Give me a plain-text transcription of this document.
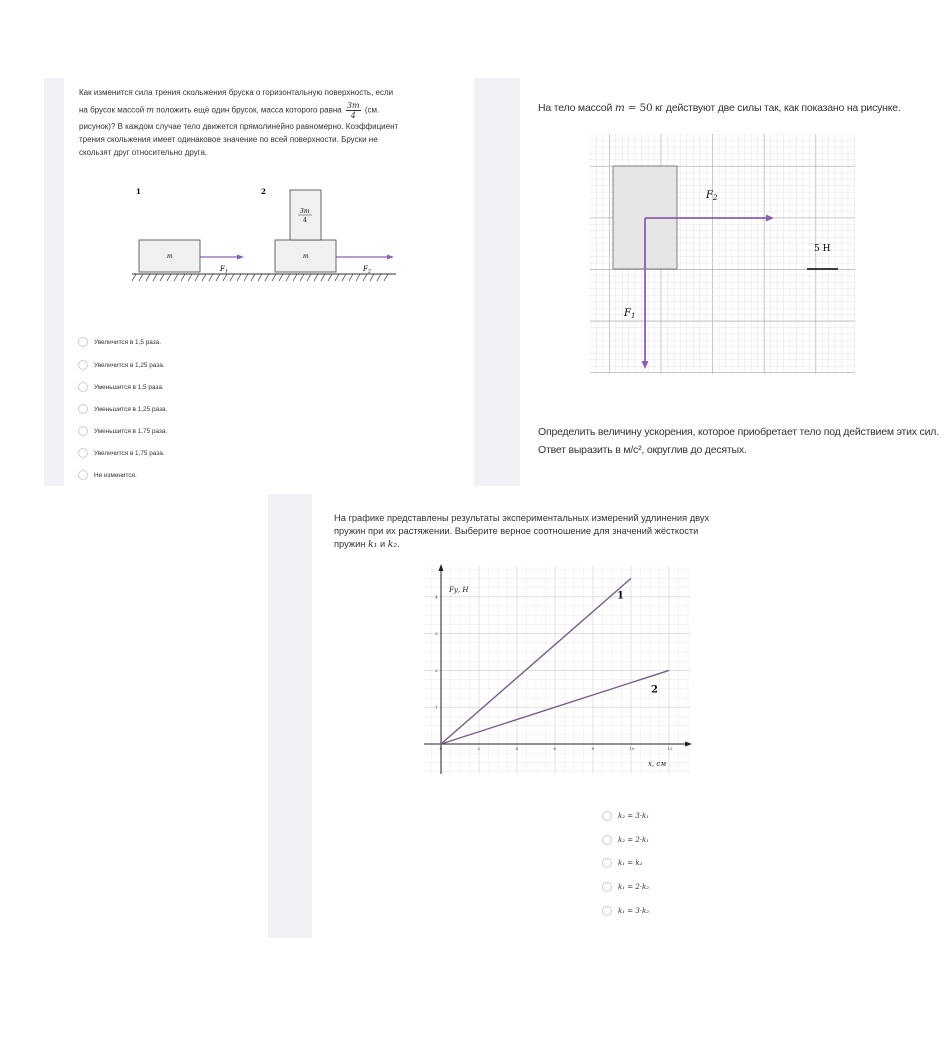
Как изменится сила трения скольжения бруска о горизонтальную поверхность, если
на брусок массой m положить ещё один брусок, масса которого равна $\frac{3m}{4} (см$.
рисунок)? В каждом случае тело движется прямолинейно равномерно. Коэффициент
трения скольжения имеет одинаковое значение по всей поверхности. Бруски не
скользят друг относительно друга.
1	2
m
$F_1$
m
3m
4
$F_2$
Увеличится в 1,5 раза.
Увеличится в 1,25 раза.
Уменьшится в 1,5 раза.
Уменьшится в 1,25 раза.
Уменьшится в 1,75 раза.
Увеличится в 1,75 раза.
Не изменится.
На тело массой m = 50 кг действуют две силы так, как показано на рисунке.
$F_2$
$F_1$
5 Н
Определить величину ускорения, которое приобретает тело под действием этих сил.
Ответ выразить в м/с², округлив до десятых.
На графике представлены результаты экспериментальных измерений удлинения двух
пружин при их растяжении. Выберите верное соотношение для значений жёсткости
пружин k₁ и k₂.
0	2	4	6	8	10	12
1
2
3
4
Fу, Н
x, см
1
2
k₂ = 3·k₁
k₂ = 2·k₁
k₁ = k₂
k₁ = 2·k₂
k₁ = 3·k₂
